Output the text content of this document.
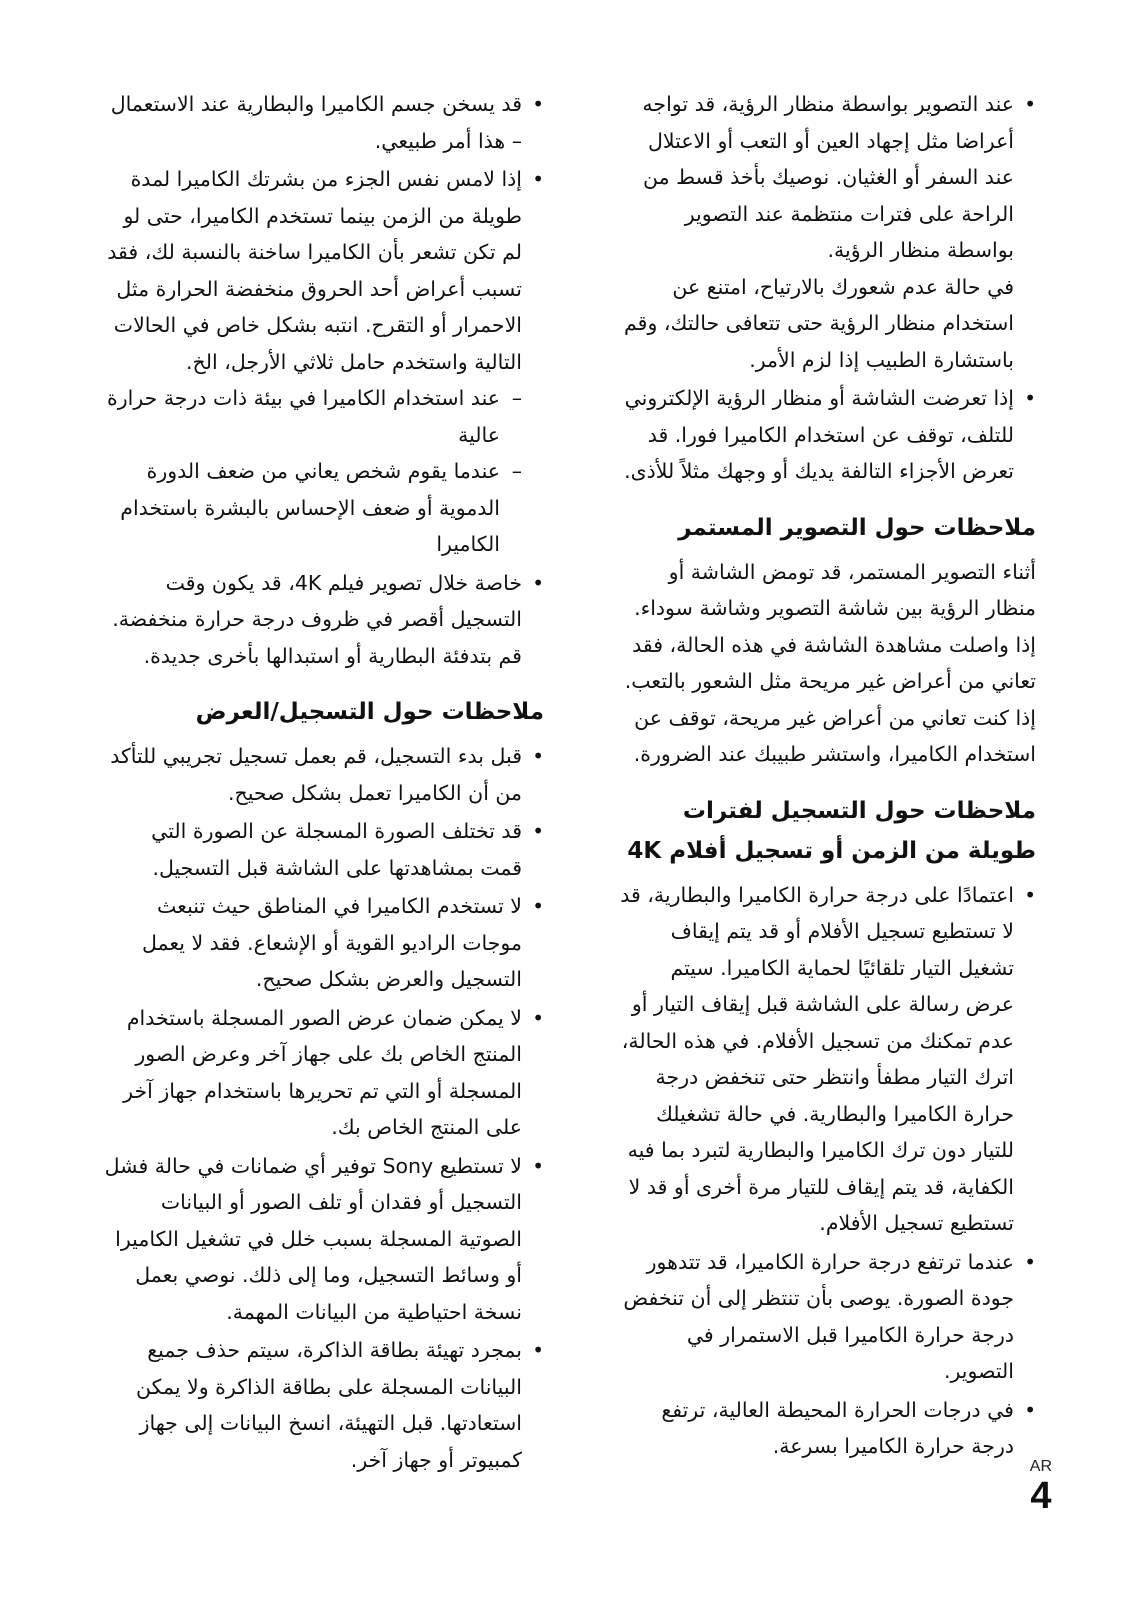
• عند التصوير بواسطة منظار الرؤية، قد تواجه أعراضا مثل إجهاد العين أو التعب أو الاعتلال عند السفر أو الغثيان. نوصيك بأخذ قسط من الراحة على فترات منتظمة عند التصوير بواسطة منظار الرؤية.
في حالة عدم شعورك بالارتياح، امتنع عن استخدام منظار الرؤية حتى تتعافى حالتك، وقم باستشارة الطبيب إذا لزم الأمر.
• إذا تعرضت الشاشة أو منظار الرؤية الإلكتروني للتلف، توقف عن استخدام الكاميرا فورا. قد تعرض الأجزاء التالفة يديك أو وجهك مثلاً للأذى.
ملاحظات حول التصوير المستمر
أثناء التصوير المستمر، قد تومض الشاشة أو منظار الرؤية بين شاشة التصوير وشاشة سوداء. إذا واصلت مشاهدة الشاشة في هذه الحالة، فقد تعاني من أعراض غير مريحة مثل الشعور بالتعب. إذا كنت تعاني من أعراض غير مريحة، توقف عن استخدام الكاميرا، واستشر طبيبك عند الضرورة.
ملاحظات حول التسجيل لفترات طويلة من الزمن أو تسجيل أفلام 4K
• اعتمادًا على درجة حرارة الكاميرا والبطارية، قد لا تستطيع تسجيل الأفلام أو قد يتم إيقاف تشغيل التيار تلقائيًا لحماية الكاميرا. سيتم عرض رسالة على الشاشة قبل إيقاف التيار أو عدم تمكنك من تسجيل الأفلام. في هذه الحالة، اترك التيار مطفأ وانتظر حتى تنخفض درجة حرارة الكاميرا والبطارية. في حالة تشغيلك للتيار دون ترك الكاميرا والبطارية لتبرد بما فيه الكفاية، قد يتم إيقاف للتيار مرة أخرى أو قد لا تستطيع تسجيل الأفلام.
• عندما ترتفع درجة حرارة الكاميرا، قد تتدهور جودة الصورة. يوصى بأن تنتظر إلى أن تنخفض درجة حرارة الكاميرا قبل الاستمرار في التصوير.
• في درجات الحرارة المحيطة العالية، ترتفع درجة حرارة الكاميرا بسرعة.
• قد يسخن جسم الكاميرا والبطارية عند الاستعمال – هذا أمر طبيعي.
• إذا لامس نفس الجزء من بشرتك الكاميرا لمدة طويلة من الزمن بينما تستخدم الكاميرا، حتى لو لم تكن تشعر بأن الكاميرا ساخنة بالنسبة لك، فقد تسبب أعراض أحد الحروق منخفضة الحرارة مثل الاحمرار أو التقرح. انتبه بشكل خاص في الحالات التالية واستخدم حامل ثلاثي الأرجل، الخ.
– عند استخدام الكاميرا في بيئة ذات درجة حرارة عالية
– عندما يقوم شخص يعاني من ضعف الدورة الدموية أو ضعف الإحساس بالبشرة باستخدام الكاميرا
• خاصة خلال تصوير فيلم 4K، قد يكون وقت التسجيل أقصر في ظروف درجة حرارة منخفضة. قم بتدفئة البطارية أو استبدالها بأخرى جديدة.
ملاحظات حول التسجيل/العرض
• قبل بدء التسجيل، قم بعمل تسجيل تجريبي للتأكد من أن الكاميرا تعمل بشكل صحيح.
• قد تختلف الصورة المسجلة عن الصورة التي قمت بمشاهدتها على الشاشة قبل التسجيل.
• لا تستخدم الكاميرا في المناطق حيث تنبعث موجات الراديو القوية أو الإشعاع. فقد لا يعمل التسجيل والعرض بشكل صحيح.
• لا يمكن ضمان عرض الصور المسجلة باستخدام المنتج الخاص بك على جهاز آخر وعرض الصور المسجلة أو التي تم تحريرها باستخدام جهاز آخر على المنتج الخاص بك.
• لا تستطيع Sony توفير أي ضمانات في حالة فشل التسجيل أو فقدان أو تلف الصور أو البيانات الصوتية المسجلة بسبب خلل في تشغيل الكاميرا أو وسائط التسجيل، وما إلى ذلك. نوصي بعمل نسخة احتياطية من البيانات المهمة.
• بمجرد تهيئة بطاقة الذاكرة، سيتم حذف جميع البيانات المسجلة على بطاقة الذاكرة ولا يمكن استعادتها. قبل التهيئة، انسخ البيانات إلى جهاز كمبيوتر أو جهاز آخر.	AR
4
